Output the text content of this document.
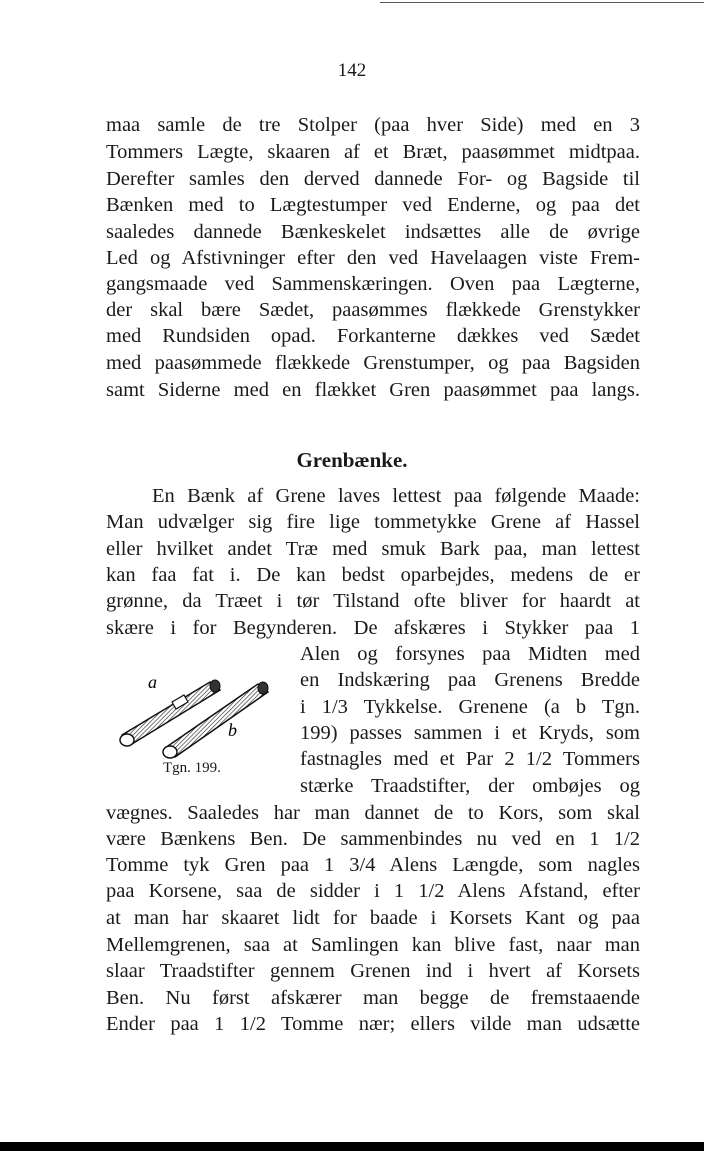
142
maa samle de tre Stolper (paa hver Side) med en 3
Tommers Lægte, skaaren af et Bræt, paasømmet midtpaa.
Derefter samles den derved dannede For- og Bagside til
Bænken med to Lægtestumper ved Enderne, og paa det
saaledes dannede Bænkeskelet indsættes alle de øvrige
Led og Afstivninger efter den ved Havelaagen viste Frem-
gangsmaade ved Sammenskæringen. Oven paa Lægterne,
der skal bære Sædet, paasømmes flækkede Grenstykker
med Rundsiden opad. Forkanterne dækkes ved Sædet
med paasømmede flækkede Grenstumper, og paa Bagsiden
samt Siderne med en flækket Gren paasømmet paa langs.
Grenbænke.
En Bænk af Grene laves lettest paa følgende Maade:
Man udvælger sig fire lige tommetykke Grene af Hassel
eller hvilket andet Træ med smuk Bark paa, man lettest
kan faa fat i. De kan bedst oparbejdes, medens de er
grønne, da Træet i tør Tilstand ofte bliver for haardt at
skære i for Begynderen. De afskæres i Stykker paa 1
Alen og forsynes paa Midten med
en Indskæring paa Grenens Bredde
i 1/3 Tykkelse. Grenene (a b Tgn.
199) passes sammen i et Kryds, som
fastnagles med et Par 2 1/2 Tommers
stærke Traadstifter, der ombøjes og
a
b
Tgn. 199.
vægnes. Saaledes har man dannet de to Kors, som skal
være Bænkens Ben. De sammenbindes nu ved en 1 1/2
Tomme tyk Gren paa 1 3/4 Alens Længde, som nagles
paa Korsene, saa de sidder i 1 1/2 Alens Afstand, efter
at man har skaaret lidt for baade i Korsets Kant og paa
Mellemgrenen, saa at Samlingen kan blive fast, naar man
slaar Traadstifter gennem Grenen ind i hvert af Korsets
Ben. Nu først afskærer man begge de fremstaaende
Ender paa 1 1/2 Tomme nær; ellers vilde man udsætte
